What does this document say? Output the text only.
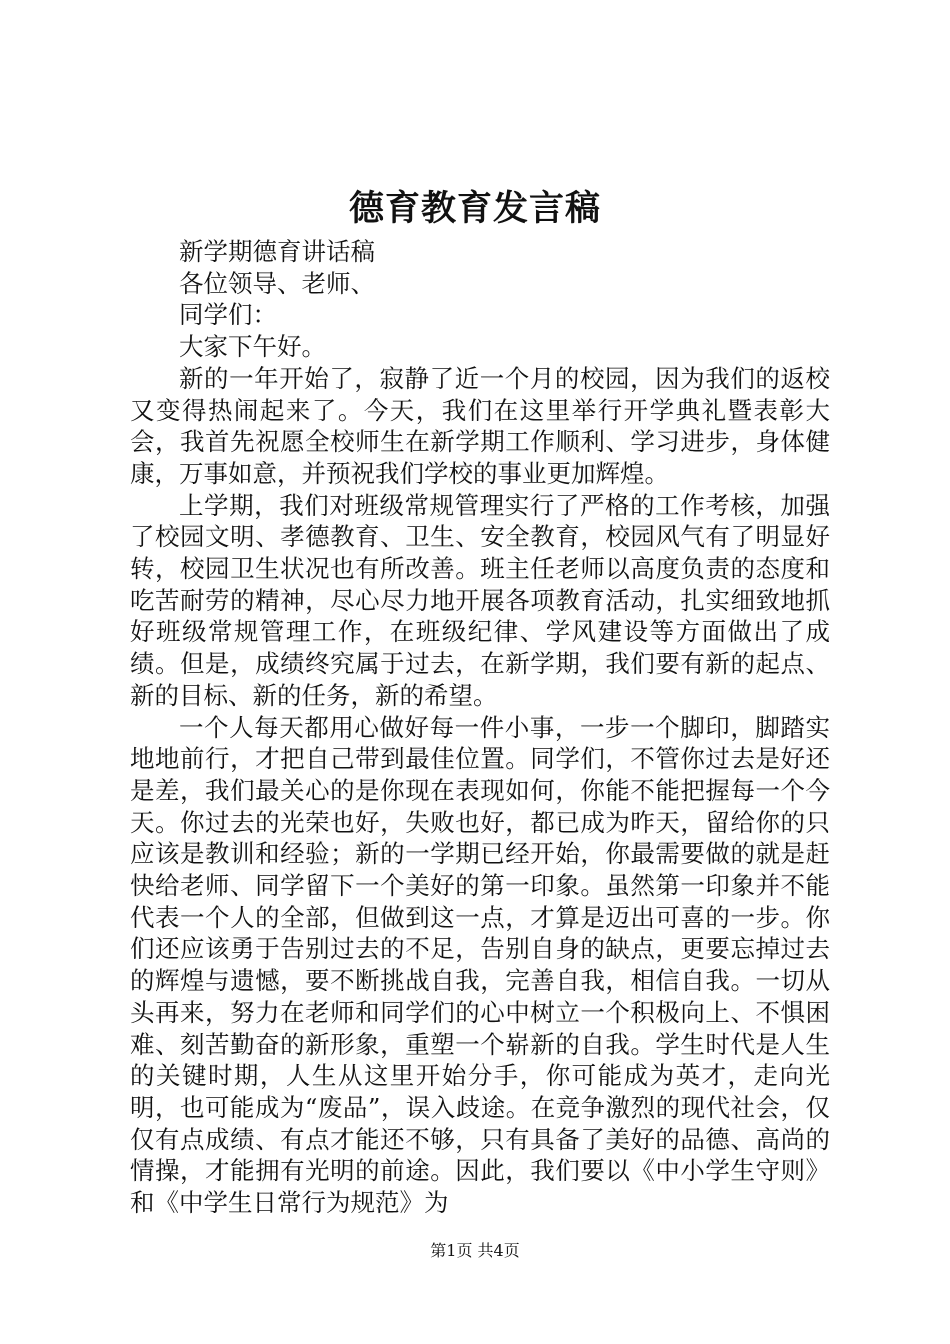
德育教育发言稿

新学期德育讲话稿

各位领导、老师、

同学们：

大家下午好。

新的一年开始了，寂静了近一个月的校园，因为我们的返校又变得热闹起来了。今天，我们在这里举行开学典礼暨表彰大会，我首先祝愿全校师生在新学期工作顺利、学习进步，身体健康，万事如意，并预祝我们学校的事业更加辉煌。

上学期，我们对班级常规管理实行了严格的工作考核，加强了校园文明、孝德教育、卫生、安全教育，校园风气有了明显好转，校园卫生状况也有所改善。班主任老师以高度负责的态度和吃苦耐劳的精神，尽心尽力地开展各项教育活动，扎实细致地抓好班级常规管理工作，在班级纪律、学风建设等方面做出了成绩。但是，成绩终究属于过去，在新学期，我们要有新的起点、新的目标、新的任务，新的希望。

一个人每天都用心做好每一件小事，一步一个脚印，脚踏实地地前行，才把自己带到最佳位置。同学们，不管你过去是好还是差，我们最关心的是你现在表现如何，你能不能把握每一个今天。你过去的光荣也好，失败也好，都已成为昨天，留给你的只应该是教训和经验；新的一学期已经开始，你最需要做的就是赶快给老师、同学留下一个美好的第一印象。虽然第一印象并不能代表一个人的全部，但做到这一点，才算是迈出可喜的一步。你们还应该勇于告别过去的不足，告别自身的缺点，更要忘掉过去的辉煌与遗憾，要不断挑战自我，完善自我，相信自我。一切从头再来，努力在老师和同学们的心中树立一个积极向上、不惧困难、刻苦勤奋的新形象，重塑一个崭新的自我。学生时代是人生的关键时期，人生从这里开始分手，你可能成为英才，走向光明，也可能成为“废品”，误入歧途。在竞争激烈的现代社会，仅仅有点成绩、有点才能还不够，只有具备了美好的品德、高尚的情操，才能拥有光明的前途。因此，我们要以《中小学生守则》和《中学生日常行为规范》为

第1页 共4页
